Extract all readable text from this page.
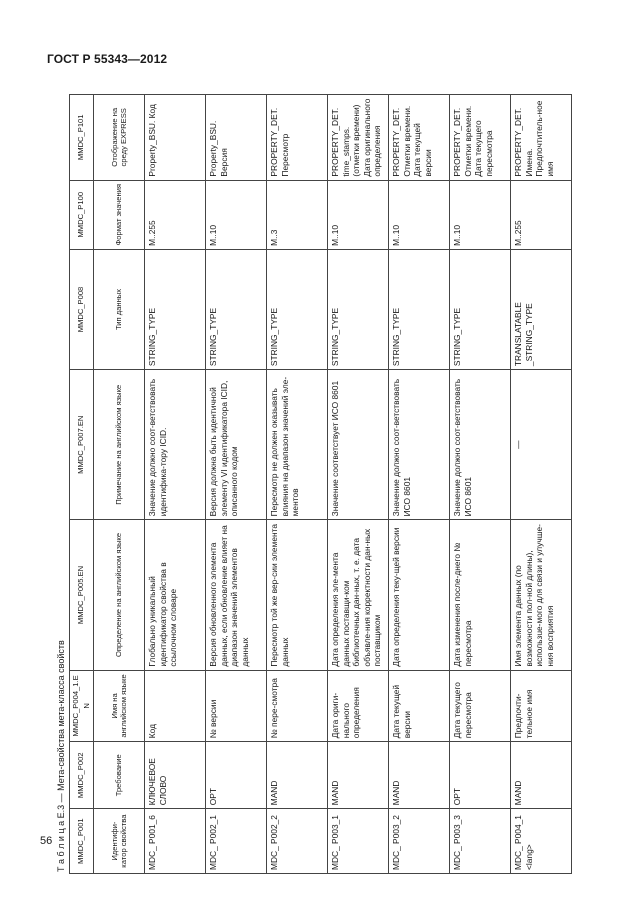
ГОСТ Р 55343—2012
Т а б л и ц а Е.3 — Мета-свойства мета-класса свойств MMDC_P001	MMDC_P002	MMDC_P004_1.EN	MMDC_P005.EN	MMDC_P007.EN	MMDC_P008	MMDC_P100	MMDC_P101
Идентифи-катор свойства	Требование	Имя на английском языке	Определение на английском языке	Примечание на английском языке	Тип данных	Формат значения	Отображение на среду EXPRESS
MDC_ P001_6	КЛЮЧЕВОЕ СЛОВО	Код	Глобально уникальный идентификатор свойства в ссылочном словаре	Значение должно соот-ветствовать идентифика-тору ICID.	STRING_TYPE	M..255	Property_BSU. Код
MDC_ P002_1	OPT	№ версии	Версия обновленного элемента данных, если обновление влияет на диапазон значений элементов данных	Версия должна быть идентичной элементу VI идентификатора ICID, описанного кодом	STRING_TYPE	M..10	Property_BSU. Версия
MDC_ P002_2	MAND	№ пере-смотра	Пересмотр той же вер-сии элемента данных	Пересмотр не должен оказывать влияния на диапазон значений эле-ментов	STRING_TYPE	M..3	PROPERTY_DET. Пересмотр
MDC_ P003_1	MAND	Дата ориги-нального определения	Дата определения эле-мента данных поставщи-ком библиотечных дан-ных, т. е. дата объявле-ния корректности дан-ных поставщиком	Значение соответствует ИСО 8601	STRING_TYPE	M..10	PROPERTY_DET. time_stamps. (отметки времени) Дата оригинального определения
MDC_ P003_2	MAND	Дата текущей версии	Дата определения теку-щей версии	Значение должно соот-ветствовать ИСО 8601	STRING_TYPE	M..10	PROPERTY_DET. Отметки времени. Дата текущей версии
MDC_ P003_3	OPT	Дата текущего пересмотра	Дата изменения после-днего № пересмотра	Значение должно соот-ветствовать ИСО 8601	STRING_TYPE	M..10	PROPERTY_DET. Отметки времени. Дата текущего пересмотра
MDC_ P004_1 <lang>	MAND	Предпочти-тельное имя	Имя элемента данных (по возможности пол-ной длины), использue-мого для связи и улучше-ния восприятия	—	TRANSLATABLE _STRING_TYPE	M..255	PROPERTY_DET. Имена. Предпочтитель-ное имя
56
